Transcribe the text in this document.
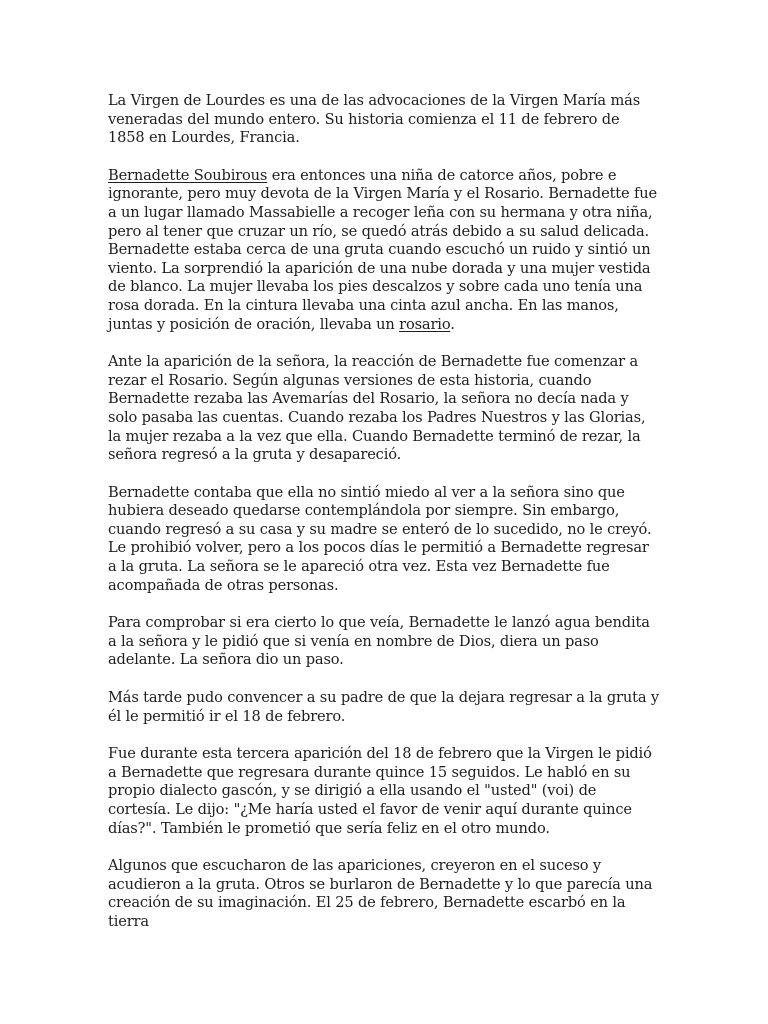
La Virgen de Lourdes es una de las advocaciones de la Virgen María más veneradas del mundo entero. Su historia comienza el 11 de febrero de 1858 en Lourdes, Francia.

Bernadette Soubirous era entonces una niña de catorce años, pobre e ignorante, pero muy devota de la Virgen María y el Rosario. Bernadette fue a un lugar llamado Massabielle a recoger leña con su hermana y otra niña, pero al tener que cruzar un río, se quedó atrás debido a su salud delicada. Bernadette estaba cerca de una gruta cuando escuchó un ruido y sintió un viento. La sorprendió la aparición de una nube dorada y una mujer vestida de blanco. La mujer llevaba los pies descalzos y sobre cada uno tenía una rosa dorada. En la cintura llevaba una cinta azul ancha. En las manos, juntas y posición de oración, llevaba un rosario.

Ante la aparición de la señora, la reacción de Bernadette fue comenzar a rezar el Rosario. Según algunas versiones de esta historia, cuando Bernadette rezaba las Avemarías del Rosario, la señora no decía nada y solo pasaba las cuentas. Cuando rezaba los Padres Nuestros y las Glorias, la mujer rezaba a la vez que ella. Cuando Bernadette terminó de rezar, la señora regresó a la gruta y desapareció.

Bernadette contaba que ella no sintió miedo al ver a la señora sino que hubiera deseado quedarse contemplándola por siempre. Sin embargo, cuando regresó a su casa y su madre se enteró de lo sucedido, no le creyó. Le prohibió volver, pero a los pocos días le permitió a Bernadette regresar a la gruta. La señora se le apareció otra vez. Esta vez Bernadette fue acompañada de otras personas.

Para comprobar si era cierto lo que veía, Bernadette le lanzó agua bendita a la señora y le pidió que si venía en nombre de Dios, diera un paso adelante. La señora dio un paso.

Más tarde pudo convencer a su padre de que la dejara regresar a la gruta y él le permitió ir el 18 de febrero.

Fue durante esta tercera aparición del 18 de febrero que la Virgen le pidió a Bernadette que regresara durante quince 15 seguidos. Le habló en su propio dialecto gascón, y se dirigió a ella usando el "usted" (voi) de cortesía. Le dijo: "¿Me haría usted el favor de venir aquí durante quince días?". También le prometió que sería feliz en el otro mundo.

Algunos que escucharon de las apariciones, creyeron en el suceso y acudieron a la gruta. Otros se burlaron de Bernadette y lo que parecía una creación de su imaginación. El 25 de febrero, Bernadette escarbó en la tierra
